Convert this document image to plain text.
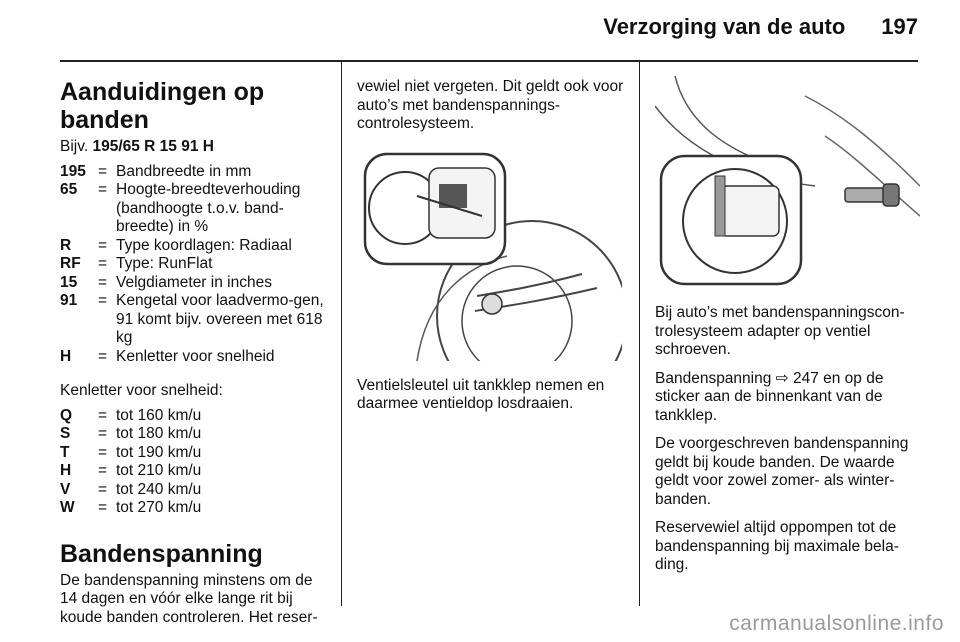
Verzorging van de auto 197
Aanduidingen op banden

Bijv. 195/65 R 15 91 H

195 = Bandbreedte in mm
65	= Hoogte-breedteverhouding (bandhoogte t.o.v. band-breedte) in %
R	= Type koordlagen: Radiaal
RF	= Type: RunFlat
15	= Velgdiameter in inches
91	= Kengetal voor laadvermo-gen, 91 komt bijv. overeen met 618 kg
H	= Kenletter voor snelheid

Kenletter voor snelheid:

Q	= tot 160 km/u
S	= tot 180 km/u
T	= tot 190 km/u
H	= tot 210 km/u
V	= tot 240 km/u
W	= tot 270 km/u
Bandenspanning

De bandenspanning minstens om de 14 dagen en vóór elke lange rit bij koude banden controleren. Het reser-

vewiel niet vergeten. Dit geldt ook voor auto’s met bandenspannings-controlesysteem.

Ventielsleutel uit tankklep nemen en daarmee ventieldop losdraaien.

Bij auto’s met bandenspanningscon-trolesysteem adapter op ventiel schroeven.

Bandenspanning ⇨ 247 en op de sticker aan de binnenkant van de tankklep.

De voorgeschreven bandenspanning geldt bij koude banden. De waarde geldt voor zowel zomer- als winter-banden.

Reservewiel altijd oppompen tot de bandenspanning bij maximale bela-ding.

carmanualsonline.info
